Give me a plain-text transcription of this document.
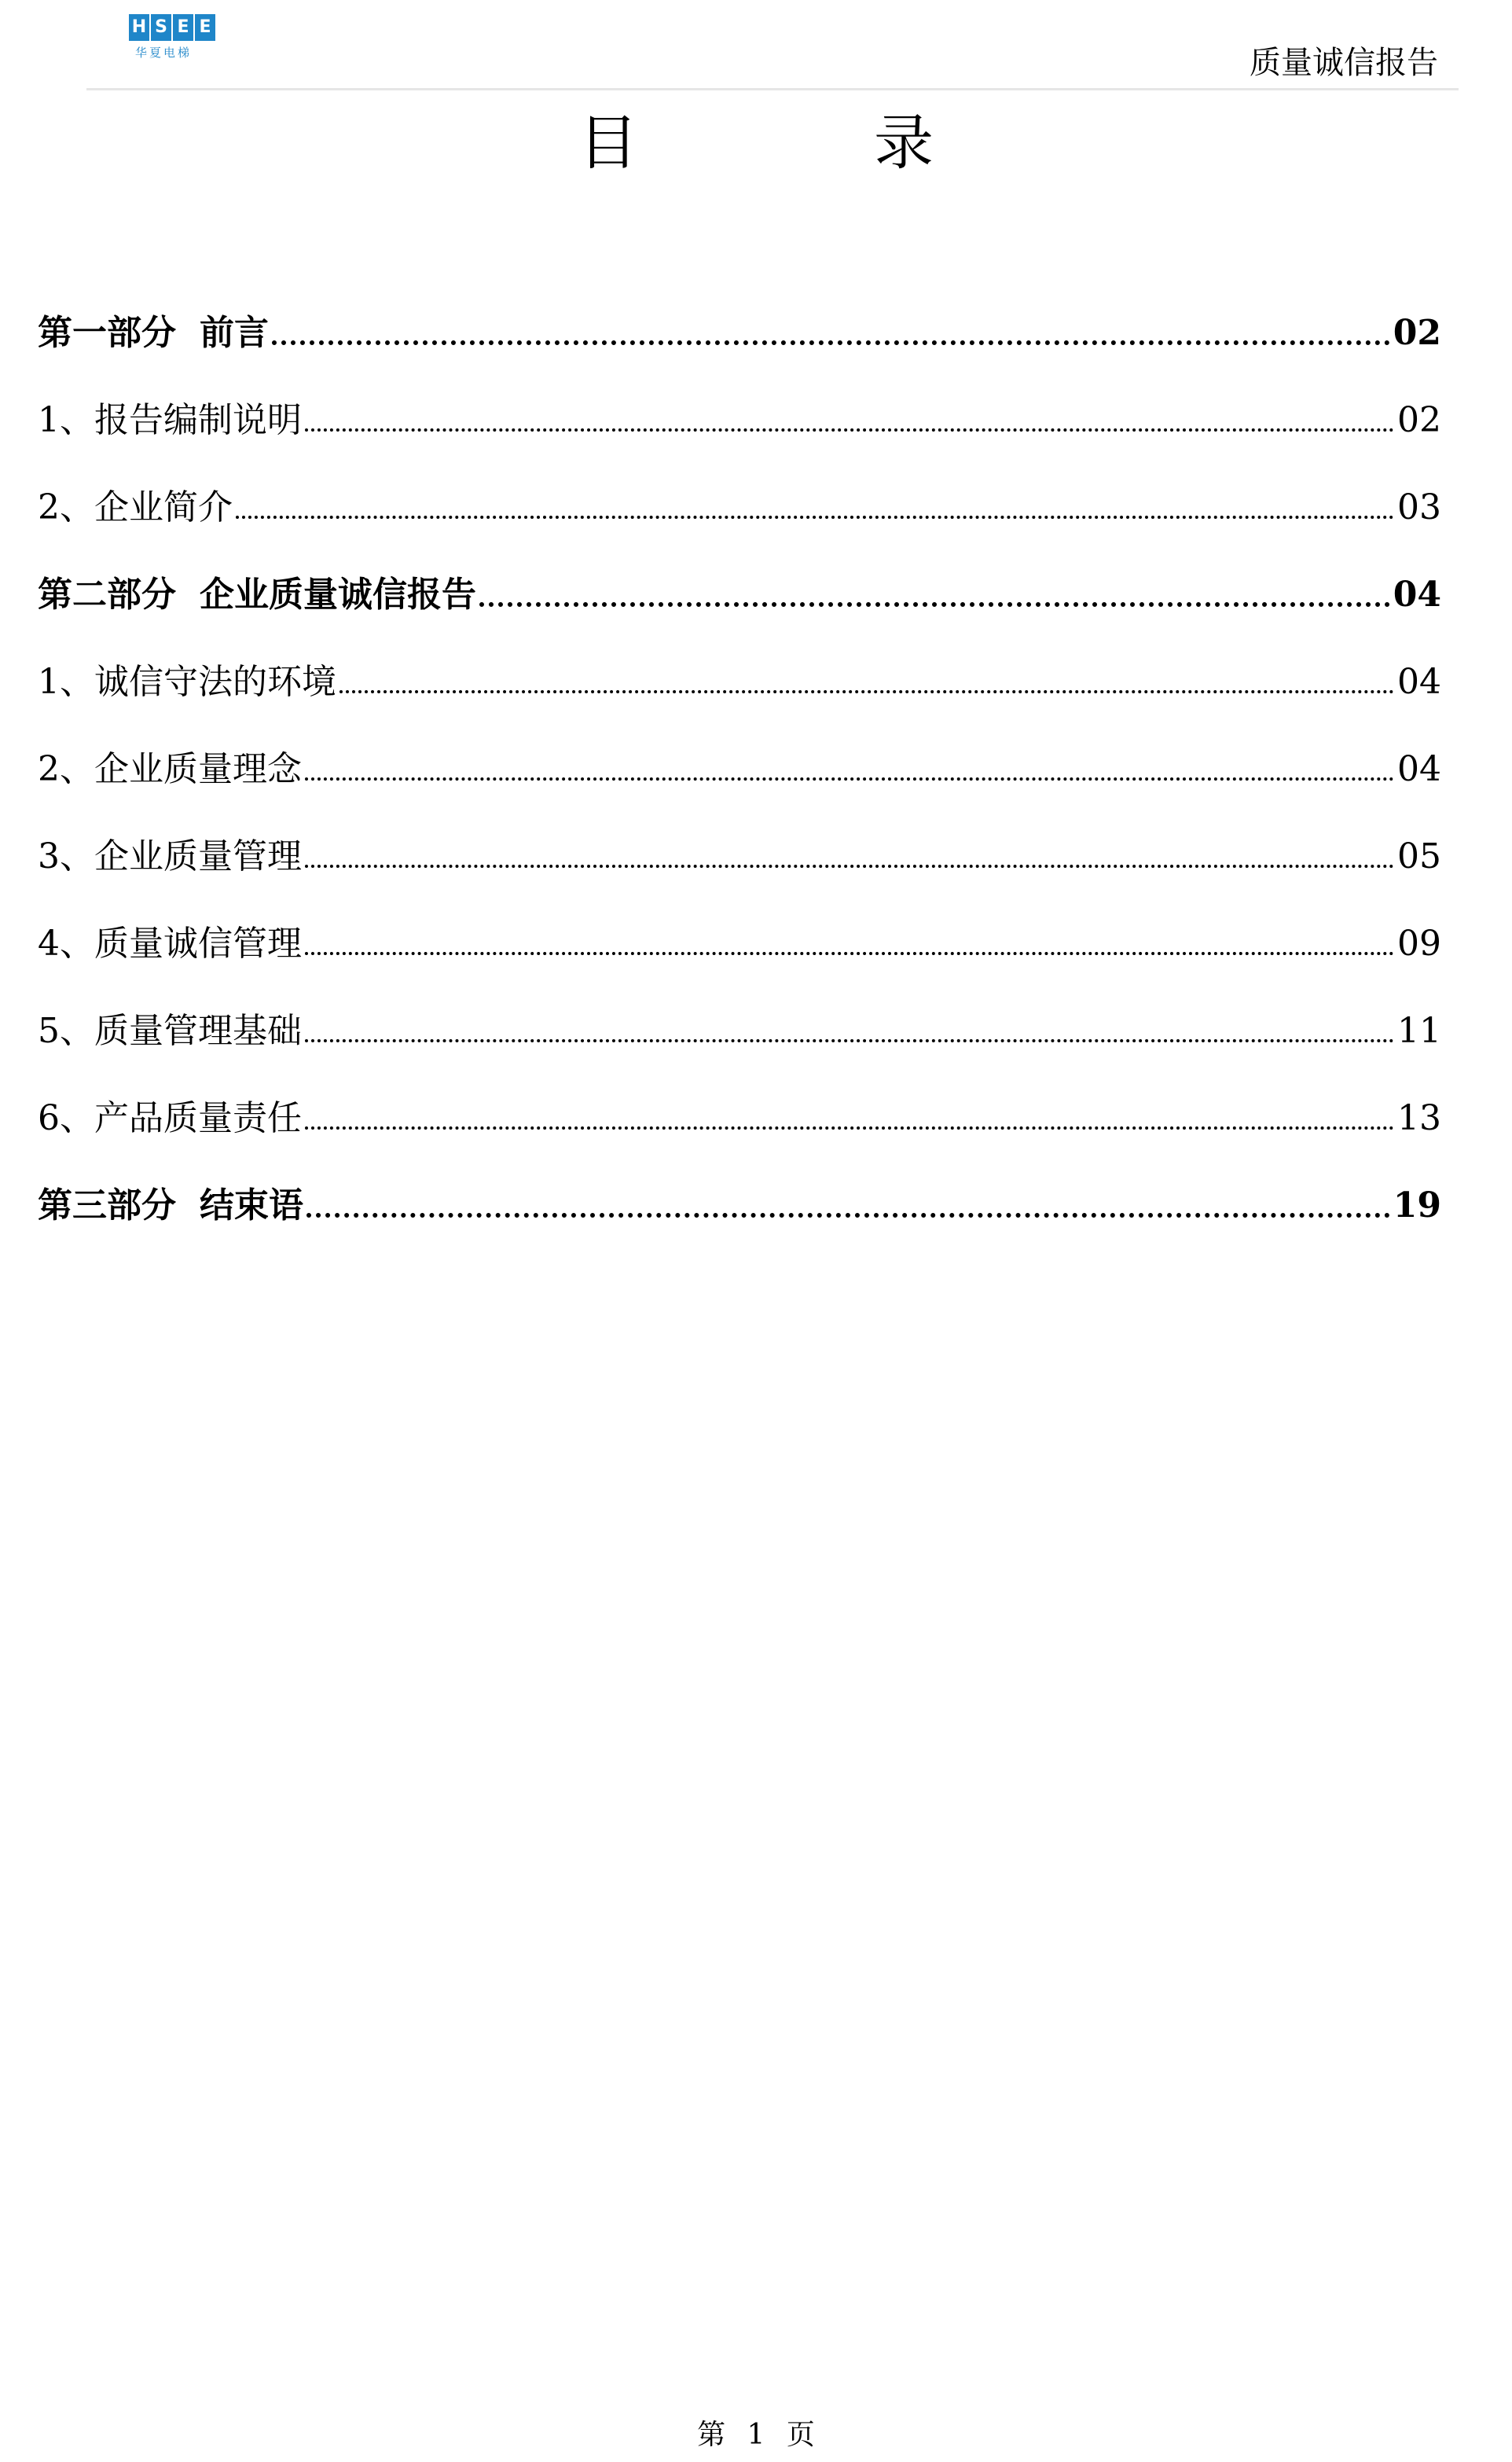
H S E E
华夏电梯	质量诚信报告
目	录
第一部分 前言	02
1、报告编制说明	02
2、企业简介	03
第二部分 企业质量诚信报告	04
1、诚信守法的环境	04
2、企业质量理念	04
3、企业质量管理	05
4、质量诚信管理	09
5、质量管理基础	11
6、产品质量责任	13
第三部分 结束语	19
第 1 页
